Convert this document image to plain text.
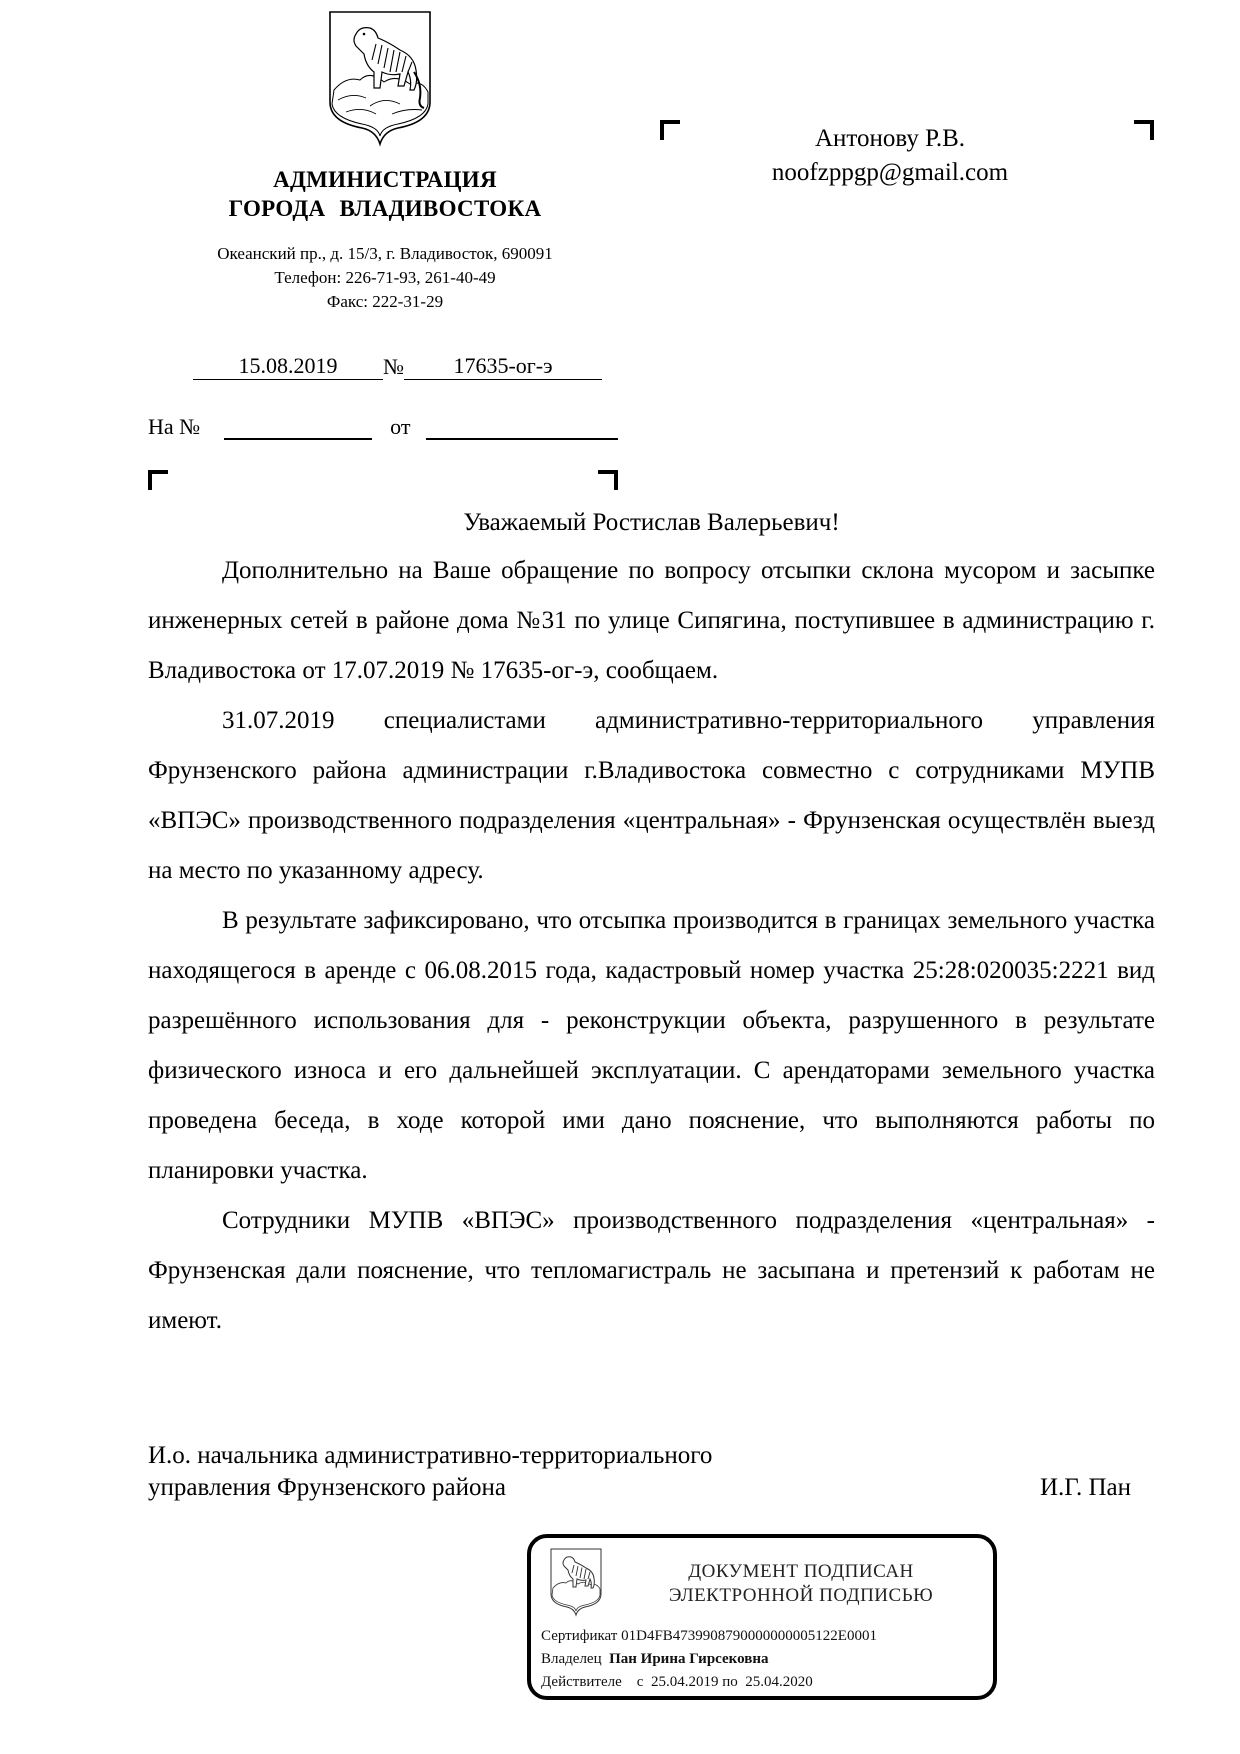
АДМИНИСТРАЦИЯ
ГОРОДА ВЛАДИВОСТОКА
Океанский пр., д. 15/3, г. Владивосток, 690091
Телефон: 226-71-93, 261-40-49
Факс: 222-31-29
Антонову Р.В.
noofzppgp@gmail.com
15.08.2019	№	17635-ог-э
На №	от
Уважаемый Ростислав Валерьевич!

Дополнительно на Ваше обращение по вопросу отсыпки склона мусором и засыпке инженерных сетей в районе дома №31 по улице Сипягина, поступившее в администрацию г. Владивостока от 17.07.2019 № 17635-ог-э, сообщаем.

31.07.2019 специалистами административно-территориального управления Фрунзенского района администрации г.Владивостока совместно с сотрудниками МУПВ «ВПЭС» производственного подразделения «центральная» - Фрунзенская осуществлён выезд на место по указанному адресу.

В результате зафиксировано, что отсыпка производится в границах земельного участка находящегося в аренде с 06.08.2015 года, кадастровый номер участка 25:28:020035:2221 вид разрешённого использования для - реконструкции объекта, разрушенного в результате физического износа и его дальнейшей эксплуатации. С арендаторами земельного участка проведена беседа, в ходе которой ими дано пояснение, что выполняются работы по планировки участка.

Сотрудники МУПВ «ВПЭС» производственного подразделения «центральная» - Фрунзенская дали пояснение, что тепломагистраль не засыпана и претензий к работам не имеют.

И.о. начальника административно-территориального
управления Фрунзенского района	И.Г. Пан
ДОКУМЕНТ ПОДПИСАН
ЭЛЕКТРОННОЙ ПОДПИСЬЮ
Сертификат 01D4FB4739908790000000005122E0001
Владелец Пан Ирина Гирсековна
Действителе с 25.04.2019 по 25.04.2020
